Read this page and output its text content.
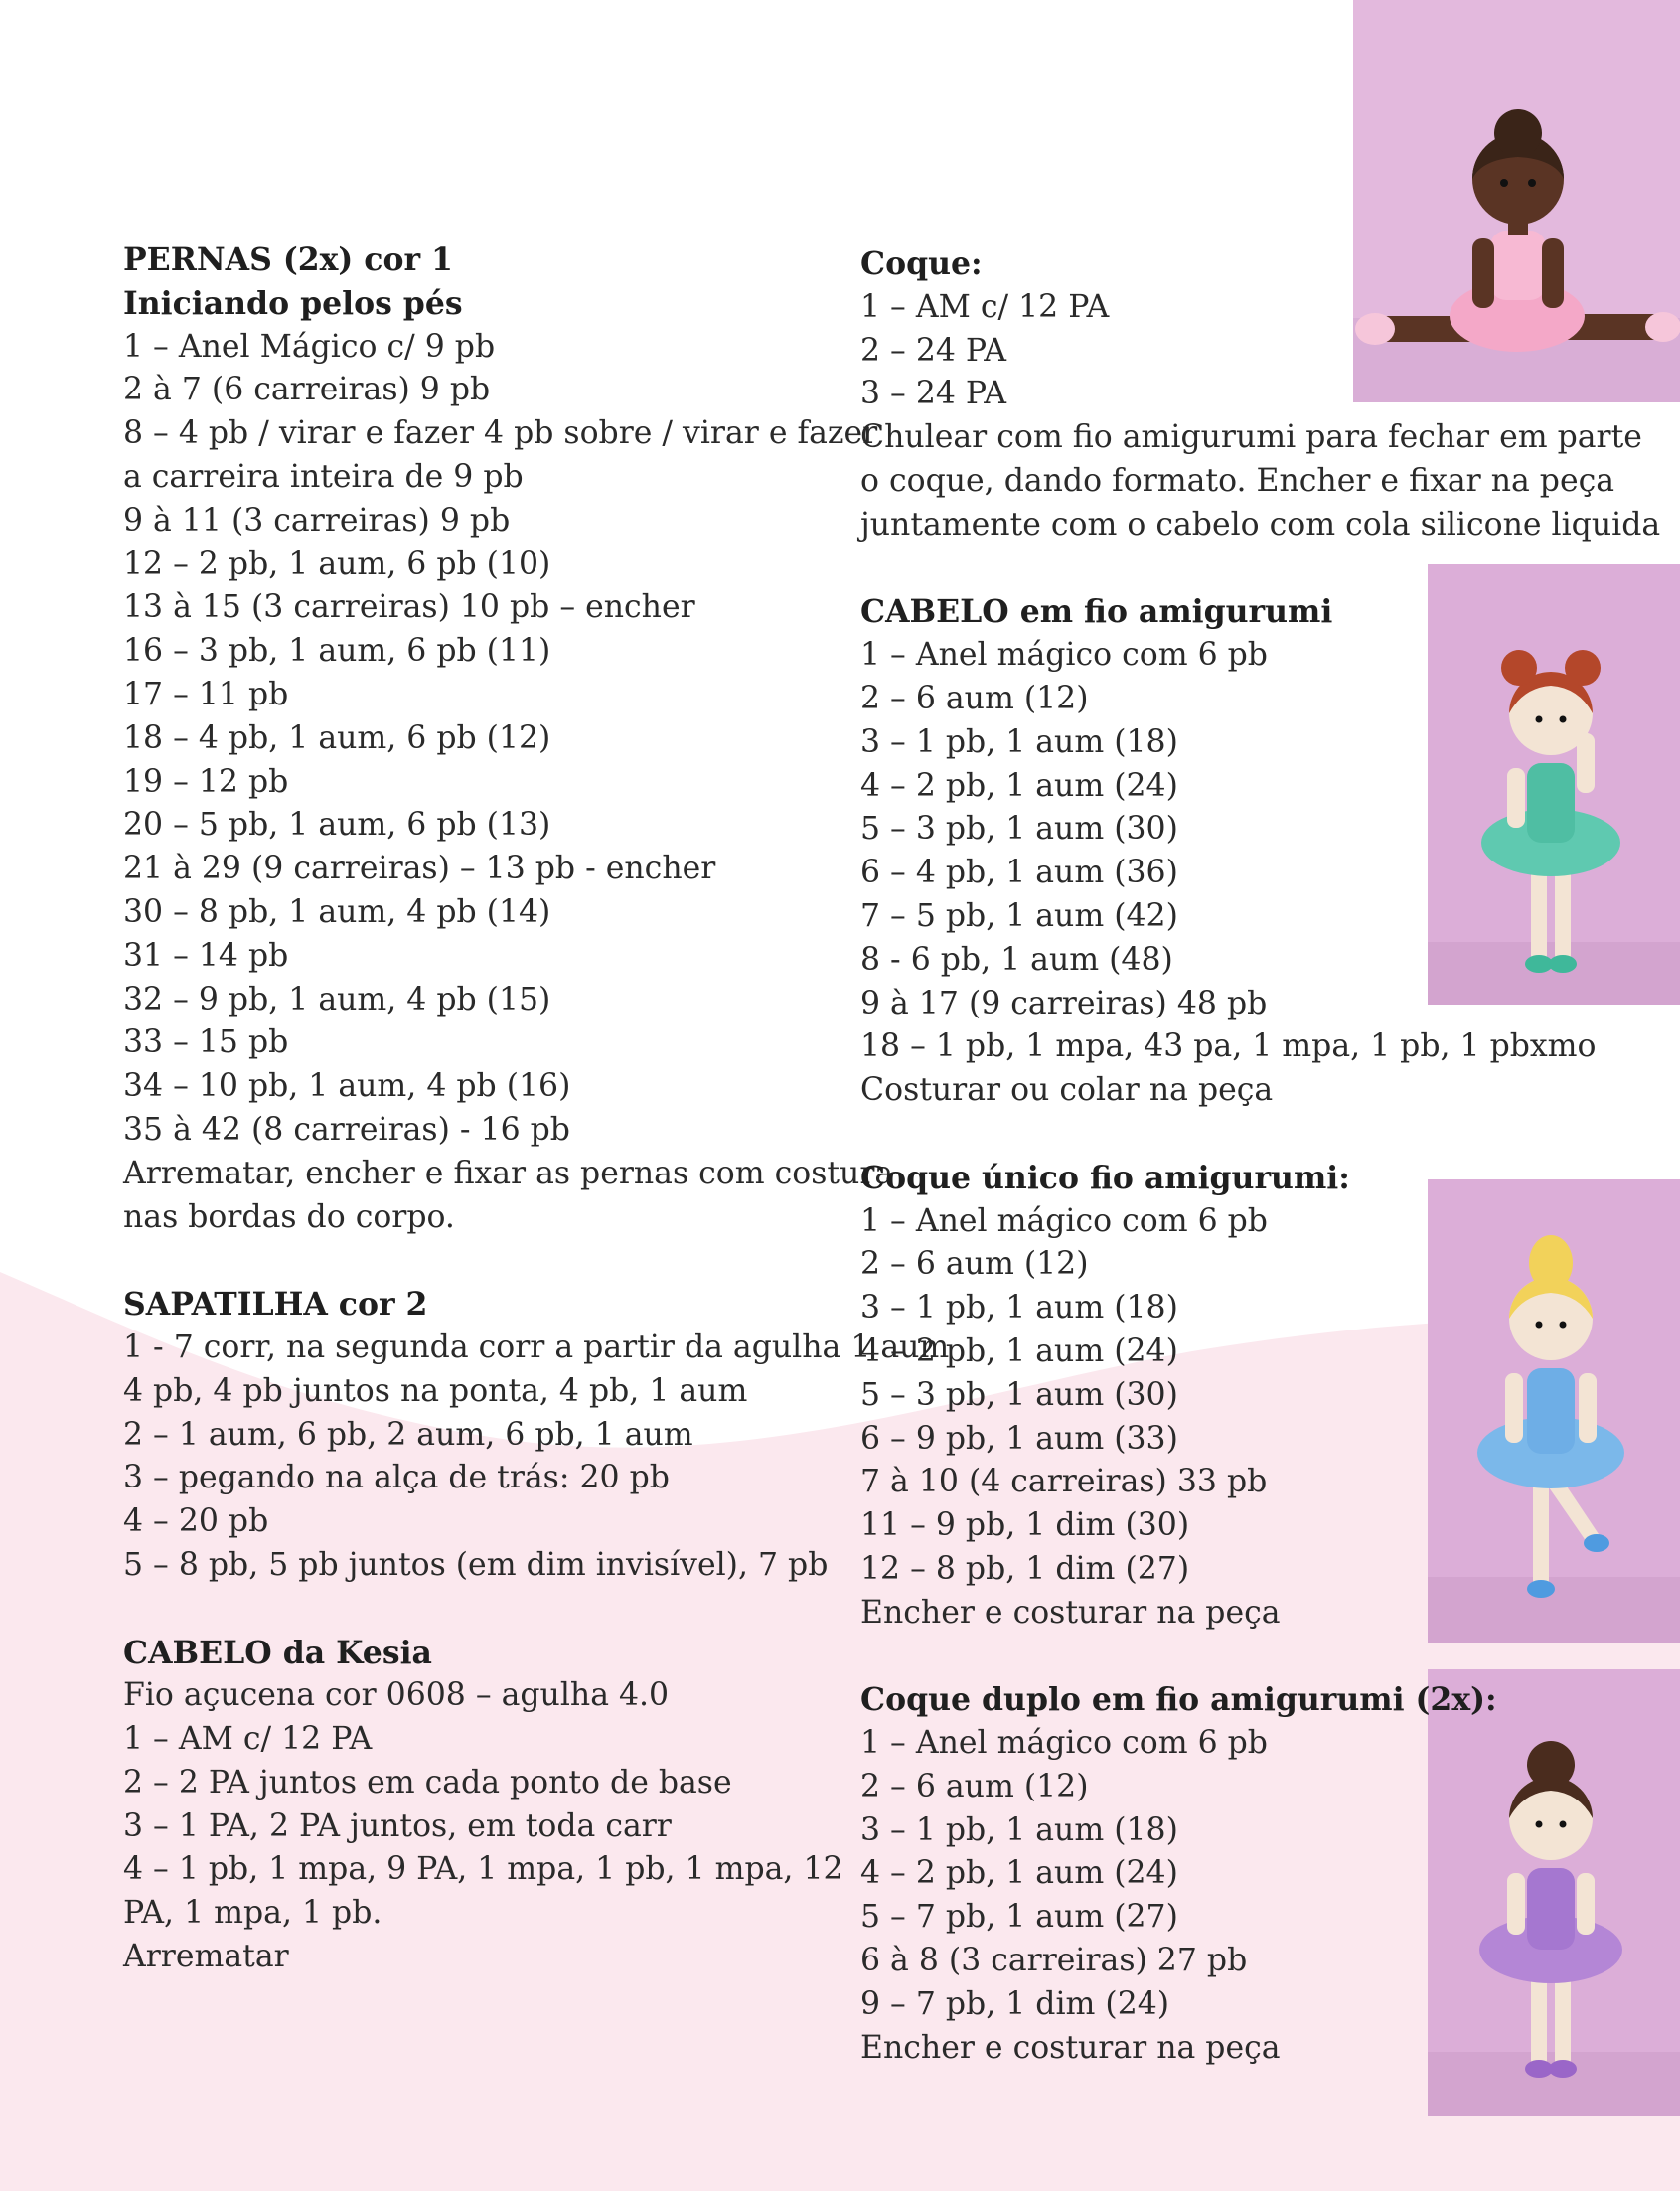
PERNAS (2x) cor 1
Iniciando pelos pés
1 – Anel Mágico c/ 9 pb
2 à 7 (6 carreiras) 9 pb
8 – 4 pb / virar e fazer 4 pb sobre / virar e fazer
a carreira inteira de 9 pb
9 à 11 (3 carreiras) 9 pb
12 – 2 pb, 1 aum, 6 pb (10)
13 à 15 (3 carreiras) 10 pb – encher
16 – 3 pb, 1 aum, 6 pb (11)
17 – 11 pb
18 – 4 pb, 1 aum, 6 pb (12)
19 – 12 pb
20 – 5 pb, 1 aum, 6 pb (13)
21 à 29 (9 carreiras) – 13 pb - encher
30 – 8 pb, 1 aum, 4 pb (14)
31 – 14 pb
32 – 9 pb, 1 aum, 4 pb (15)
33 – 15 pb
34 – 10 pb, 1 aum, 4 pb (16)
35 à 42 (8 carreiras) - 16 pb
Arrematar, encher e fixar as pernas com costura
nas bordas do corpo.
SAPATILHA cor 2
1 - 7 corr, na segunda corr a partir da agulha 1 aum
4 pb, 4 pb juntos na ponta, 4 pb, 1 aum
2 – 1 aum, 6 pb, 2 aum, 6 pb, 1 aum
3 – pegando na alça de trás: 20 pb
4 – 20 pb
5 – 8 pb, 5 pb juntos (em dim invisível), 7 pb
CABELO da Kesia
Fio açucena cor 0608 – agulha 4.0
1 – AM c/ 12 PA
2 – 2 PA juntos em cada ponto de base
3 – 1 PA, 2 PA juntos, em toda carr
4 – 1 pb, 1 mpa, 9 PA, 1 mpa, 1 pb, 1 mpa, 12
PA, 1 mpa, 1 pb.
Arrematar
Coque:
1 – AM c/ 12 PA
2 – 24 PA
3 – 24 PA
Chulear com fio amigurumi para fechar em parte
o coque, dando formato. Encher e fixar na peça
juntamente com o cabelo com cola silicone liquida
CABELO em fio amigurumi
1 – Anel mágico com 6 pb
2 – 6 aum (12)
3 – 1 pb, 1 aum (18)
4 – 2 pb, 1 aum (24)
5 – 3 pb, 1 aum (30)
6 – 4 pb, 1 aum (36)
7 – 5 pb, 1 aum (42)
8 - 6 pb, 1 aum (48)
9 à 17 (9 carreiras) 48 pb
18 – 1 pb, 1 mpa, 43 pa, 1 mpa, 1 pb, 1 pbxmo
Costurar ou colar na peça
Coque único fio amigurumi:
1 – Anel mágico com 6 pb
2 – 6 aum (12)
3 – 1 pb, 1 aum (18)
4 – 2 pb, 1 aum (24)
5 – 3 pb, 1 aum (30)
6 – 9 pb, 1 aum (33)
7 à 10 (4 carreiras) 33 pb
11 – 9 pb, 1 dim (30)
12 – 8 pb, 1 dim (27)
Encher e costurar na peça
Coque duplo em fio amigurumi (2x):
1 – Anel mágico com 6 pb
2 – 6 aum (12)
3 – 1 pb, 1 aum (18)
4 – 2 pb, 1 aum (24)
5 – 7 pb, 1 aum (27)
6 à 8 (3 carreiras) 27 pb
9 – 7 pb, 1 dim (24)
Encher e costurar na peça
